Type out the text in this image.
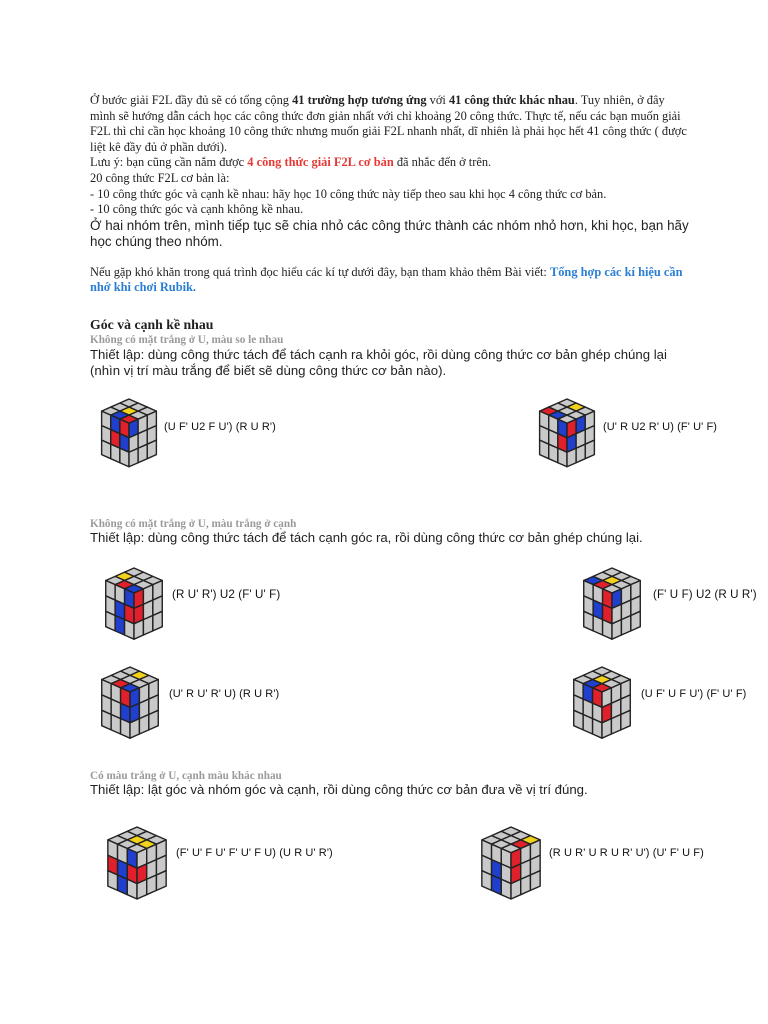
Ở bước giải F2L đầy đủ sẽ có tổng cộng 41 trường hợp tương ứng với 41 công thức khác nhau. Tuy nhiên, ở đây mình sẽ hướng dẫn cách học các công thức đơn giản nhất với chỉ khoảng 20 công thức. Thực tế, nếu các bạn muốn giải F2L thì chỉ cần học khoảng 10 công thức nhưng muốn giải F2L nhanh nhất, dĩ nhiên là phải học hết 41 công thức ( được liệt kê đầy đủ ở phần dưới).

Lưu ý: bạn cũng cần nắm được 4 công thức giải F2L cơ bản đã nhắc đến ở trên.

20 công thức F2L cơ bản là:

- 10 công thức góc và cạnh kề nhau: hãy học 10 công thức này tiếp theo sau khi học 4 công thức cơ bản.

- 10 công thức góc và cạnh không kề nhau.

Ở hai nhóm trên, mình tiếp tục sẽ chia nhỏ các công thức thành các nhóm nhỏ hơn, khi học, bạn hãy học chúng theo nhóm.

Nếu gặp khó khăn trong quá trình đọc hiểu các kí tự dưới đây, bạn tham khảo thêm Bài viết: Tổng hợp các kí hiệu cần nhớ khi chơi Rubik.

Góc và cạnh kề nhau
Không có mặt trắng ở U, màu so le nhau
Thiết lập: dùng công thức tách để tách cạnh ra khỏi góc, rồi dùng công thức cơ bản ghép chúng lại (nhìn vị trí màu trắng để biết sẽ dùng công thức cơ bản nào).
(U F' U2 F U') (R U R')	(U' R U2 R' U) (F' U' F)
Không có mặt trắng ở U, màu trắng ở cạnh
Thiết lập: dùng công thức tách để tách cạnh góc ra, rồi dùng công thức cơ bản ghép chúng lại.
(R U' R') U2 (F' U' F)	(F' U F) U2 (R U R')
(U' R U' R' U) (R U R')	(U F' U F U') (F' U' F)
Có màu trắng ở U, cạnh màu khác nhau
Thiết lập: lật góc và nhóm góc và cạnh, rồi dùng công thức cơ bản đưa về vị trí đúng.
(F' U' F U' F' U' F U) (U R U' R')	(R U R' U R U R' U') (U' F' U F)
